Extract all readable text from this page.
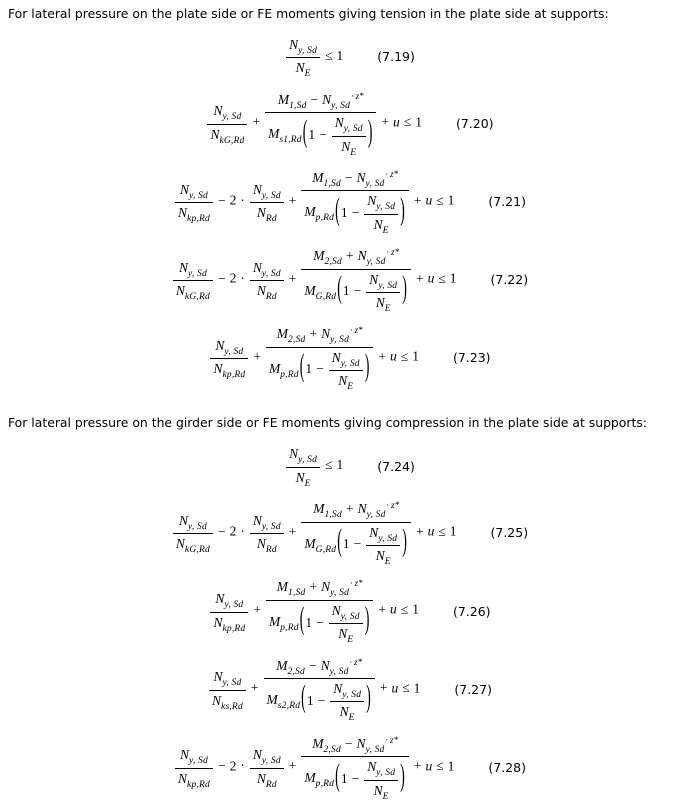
For lateral pressure on the plate side or FE moments giving tension in the plate side at supports:

$\frac{N_{y, Sd}}{N_E} \le 1$	(7.19)
$\frac{N_{y, Sd}}{N_{kG,Rd}} + \frac{M_{1,Sd} - N_{y, Sd}^{\cdot z*}}{M_{s1,Rd} ( 1 - \frac{N_{y, Sd}}{N_E} )} + u \le 1$	(7.20)
$\frac{N_{y, Sd}}{N_{kp,Rd}} - 2 \cdot \frac{N_{y, Sd}}{N_{Rd}} + \frac{M_{1,Sd} - N_{y, Sd}^{\cdot z*}}{M_{p,Rd} ( 1 - \frac{N_{y, Sd}}{N_E} )} + u \le 1$	(7.21)
$\frac{N_{y, Sd}}{N_{kG,Rd}} - 2 \cdot \frac{N_{y, Sd}}{N_{Rd}} + \frac{M_{2,Sd} + N_{y, Sd}^{\cdot z*}}{M_{G,Rd} ( 1 - \frac{N_{y, Sd}}{N_E} )} + u \le 1$	(7.22)
$\frac{N_{y, Sd}}{N_{kp,Rd}} + \frac{M_{2,Sd} + N_{y, Sd}^{\cdot z*}}{M_{p,Rd} ( 1 - \frac{N_{y, Sd}}{N_E} )} + u \le 1$	(7.23)

For lateral pressure on the girder side or FE moments giving compression in the plate side at supports:

$\frac{N_{y, Sd}}{N_E} \le 1$	(7.24)
$\frac{N_{y, Sd}}{N_{kG,Rd}} - 2 \cdot \frac{N_{y, Sd}}{N_{Rd}} + \frac{M_{1,Sd} + N_{y, Sd}^{\cdot z*}}{M_{G,Rd} ( 1 - \frac{N_{y, Sd}}{N_E} )} + u \le 1$	(7.25)
$\frac{N_{y, Sd}}{N_{kp,Rd}} + \frac{M_{1,Sd} + N_{y, Sd}^{\cdot z*}}{M_{p,Rd} ( 1 - \frac{N_{y, Sd}}{N_E} )} + u \le 1$	(7.26)
$\frac{N_{y, Sd}}{N_{ks,Rd}} + \frac{M_{2,Sd} - N_{y, Sd}^{\cdot z*}}{M_{s2,Rd} ( 1 - \frac{N_{y, Sd}}{N_E} )} + u \le 1$	(7.27)
$\frac{N_{y, Sd}}{N_{kp,Rd}} - 2 \cdot \frac{N_{y, Sd}}{N_{Rd}} + \frac{M_{2,Sd} - N_{y, Sd}^{\cdot z*}}{M_{p,Rd} ( 1 - \frac{N_{y, Sd}}{N_E} )} + u \le 1$	(7.28)
